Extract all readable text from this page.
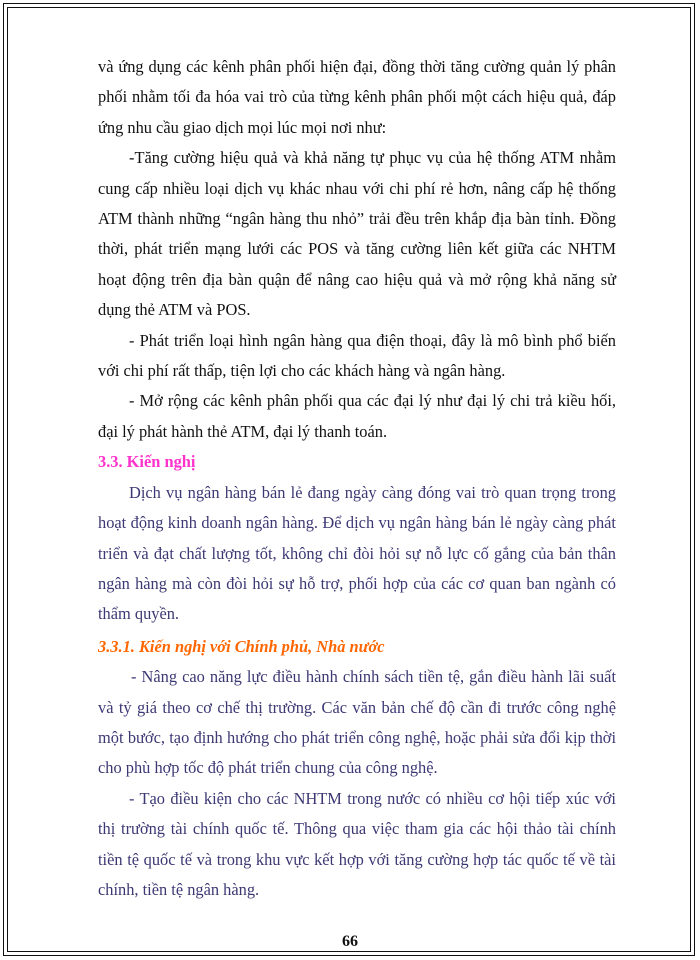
và ứng dụng các kênh phân phối hiện đại, đồng thời tăng cường quản lý phân phối nhằm tối đa hóa vai trò của từng kênh phân phối một cách hiệu quả, đáp ứng nhu cầu giao dịch mọi lúc mọi nơi như:

-Tăng cường hiệu quả và khả năng tự phục vụ của hệ thống ATM nhằm cung cấp nhiều loại dịch vụ khác nhau với chi phí rẻ hơn, nâng cấp hệ thống ATM thành những “ngân hàng thu nhỏ” trải đều trên khắp địa bàn tỉnh. Đồng thời, phát triển mạng lưới các POS và tăng cường liên kết giữa các NHTM hoạt động trên địa bàn quận để nâng cao hiệu quả và mở rộng khả năng sử dụng thẻ ATM và POS.

- Phát triển loại hình ngân hàng qua điện thoại, đây là mô bình phổ biến với chi phí rất thấp, tiện lợi cho các khách hàng và ngân hàng.

- Mở rộng các kênh phân phối qua các đại lý như đại lý chi trả kiều hối, đại lý phát hành thẻ ATM, đại lý thanh toán.

3.3. Kiến nghị

Dịch vụ ngân hàng bán lẻ đang ngày càng đóng vai trò quan trọng trong hoạt động kinh doanh ngân hàng. Để dịch vụ ngân hàng bán lẻ ngày càng phát triển và đạt chất lượng tốt, không chỉ đòi hỏi sự nỗ lực cố gắng của bản thân ngân hàng mà còn đòi hỏi sự hỗ trợ, phối hợp của các cơ quan ban ngành có thẩm quyền.

3.3.1. Kiến nghị với Chính phủ, Nhà nước

- Nâng cao năng lực điều hành chính sách tiền tệ, gắn điều hành lãi suất và tỷ giá theo cơ chế thị trường. Các văn bản chế độ cần đi trước công nghệ một bước, tạo định hướng cho phát triển công nghệ, hoặc phải sửa đổi kịp thời cho phù hợp tốc độ phát triển chung của công nghệ.

- Tạo điều kiện cho các NHTM trong nước có nhiều cơ hội tiếp xúc với thị trường tài chính quốc tế. Thông qua việc tham gia các hội thảo tài chính tiền tệ quốc tế và trong khu vực kết hợp với tăng cường hợp tác quốc tế về tài chính, tiền tệ ngân hàng.

66
